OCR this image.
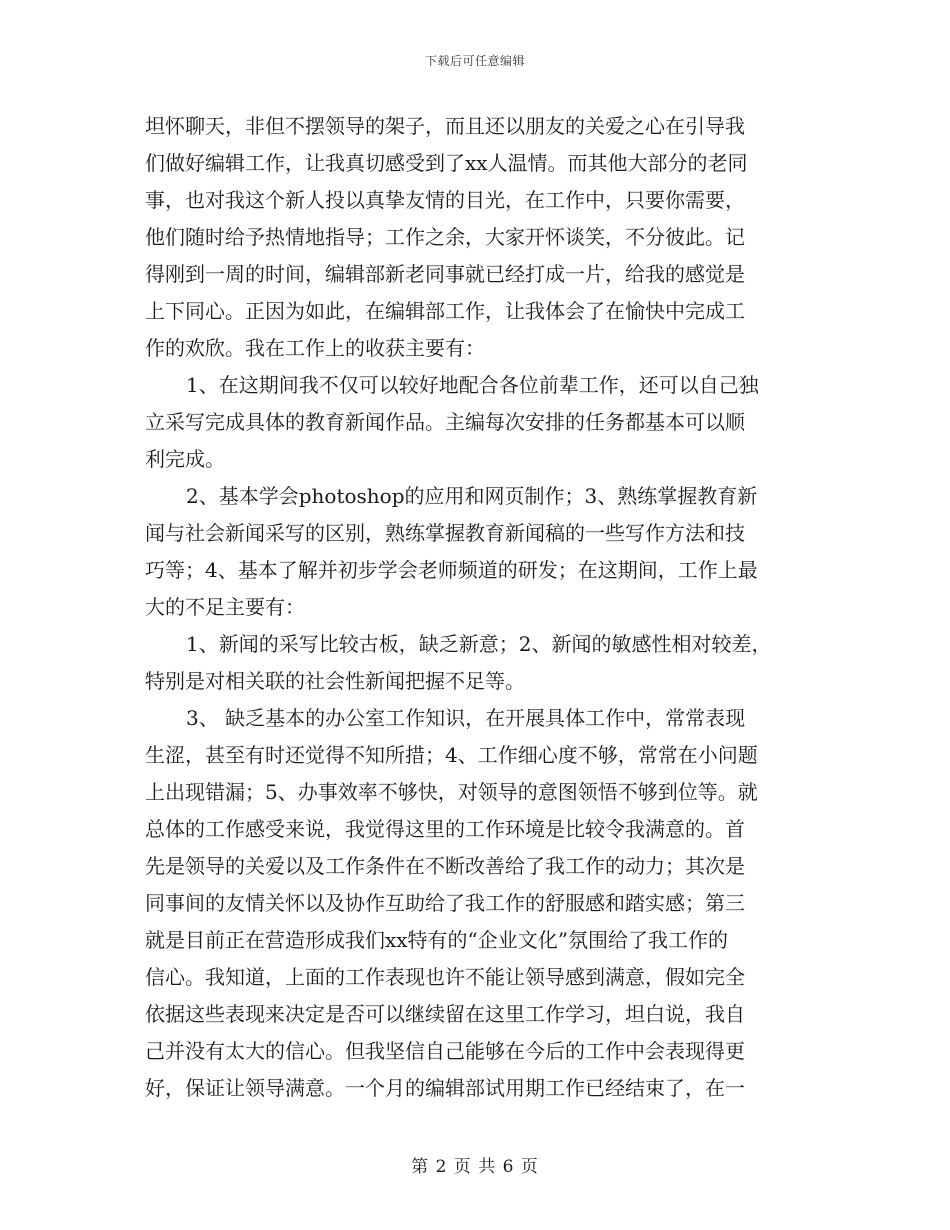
下载后可任意编辑
坦怀聊天，非但不摆领导的架子，而且还以朋友的关爱之心在引导我
们做好编辑工作，让我真切感受到了xx人温情。而其他大部分的老同
事，也对我这个新人投以真挚友情的目光，在工作中，只要你需要，
他们随时给予热情地指导；工作之余，大家开怀谈笑，不分彼此。记
得刚到一周的时间，编辑部新老同事就已经打成一片，给我的感觉是
上下同心。正因为如此，在编辑部工作，让我体会了在愉快中完成工
作的欢欣。我在工作上的收获主要有：
1、在这期间我不仅可以较好地配合各位前辈工作，还可以自己独
立采写完成具体的教育新闻作品。主编每次安排的任务都基本可以顺
利完成。
2、基本学会photoshop的应用和网页制作；3、熟练掌握教育新
闻与社会新闻采写的区别，熟练掌握教育新闻稿的一些写作方法和技
巧等；4、基本了解并初步学会老师频道的研发；在这期间，工作上最
大的不足主要有：
1、新闻的采写比较古板，缺乏新意；2、新闻的敏感性相对较差，
特别是对相关联的社会性新闻把握不足等。
3、 缺乏基本的办公室工作知识，在开展具体工作中，常常表现
生涩，甚至有时还觉得不知所措；4、工作细心度不够，常常在小问题
上出现错漏；5、办事效率不够快，对领导的意图领悟不够到位等。就
总体的工作感受来说，我觉得这里的工作环境是比较令我满意的。首
先是领导的关爱以及工作条件在不断改善给了我工作的动力；其次是
同事间的友情关怀以及协作互助给了我工作的舒服感和踏实感；第三
就是目前正在营造形成我们xx特有的“企业文化”氛围给了我工作的
信心。我知道，上面的工作表现也许不能让领导感到满意，假如完全
依据这些表现来决定是否可以继续留在这里工作学习，坦白说，我自
己并没有太大的信心。但我坚信自己能够在今后的工作中会表现得更
好，保证让领导满意。一个月的编辑部试用期工作已经结束了，在一
第 2 页 共 6 页
